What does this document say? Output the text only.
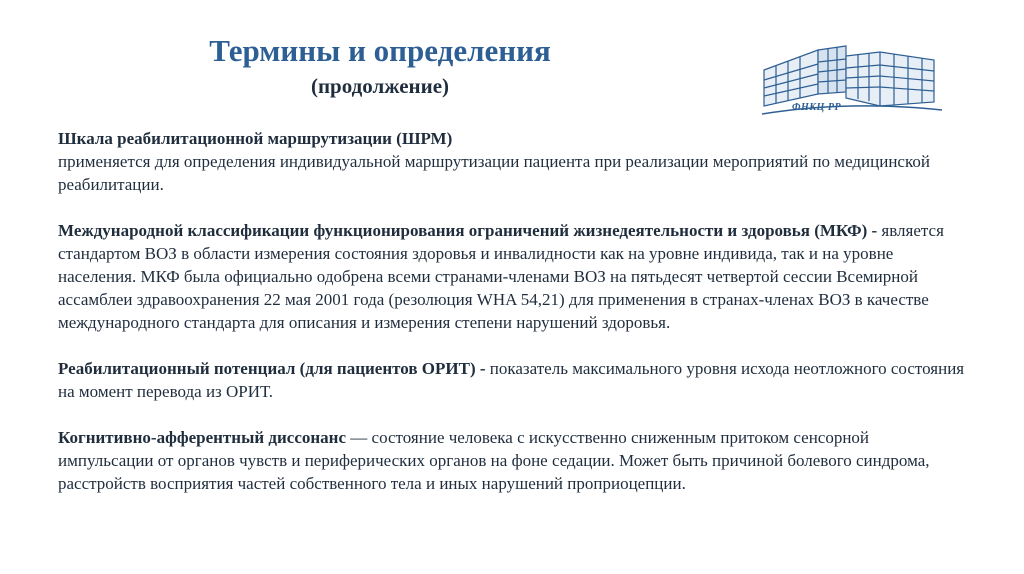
Термины и определения
(продолжение)
ФНКЦ РР

Шкала реабилитационной маршрутизации (ШРМ)
применяется для определения индивидуальной маршрутизации пациента при реализации мероприятий по медицинской реабилитации.

Международной классификации функционирования ограничений жизнедеятельности и здоровья (МКФ) - является стандартом ВОЗ в области измерения состояния здоровья и инвалидности как на уровне индивида, так и на уровне населения. МКФ была официально одобрена всеми странами-членами ВОЗ на пятьдесят четвертой сессии Всемирной ассамблеи здравоохранения 22 мая 2001 года (резолюция WHA 54,21) для применения в странах-членах ВОЗ в качестве международного стандарта для описания и измерения степени нарушений здоровья.

Реабилитационный потенциал (для пациентов ОРИТ) - показатель максимального уровня исхода неотложного состояния на момент перевода из ОРИТ.

Когнитивно-афферентный диссонанс — состояние человека с искусственно сниженным притоком сенсорной импульсации от органов чувств и периферических органов на фоне седации. Может быть причиной болевого синдрома, расстройств восприятия частей собственного тела и иных нарушений проприоцепции.
